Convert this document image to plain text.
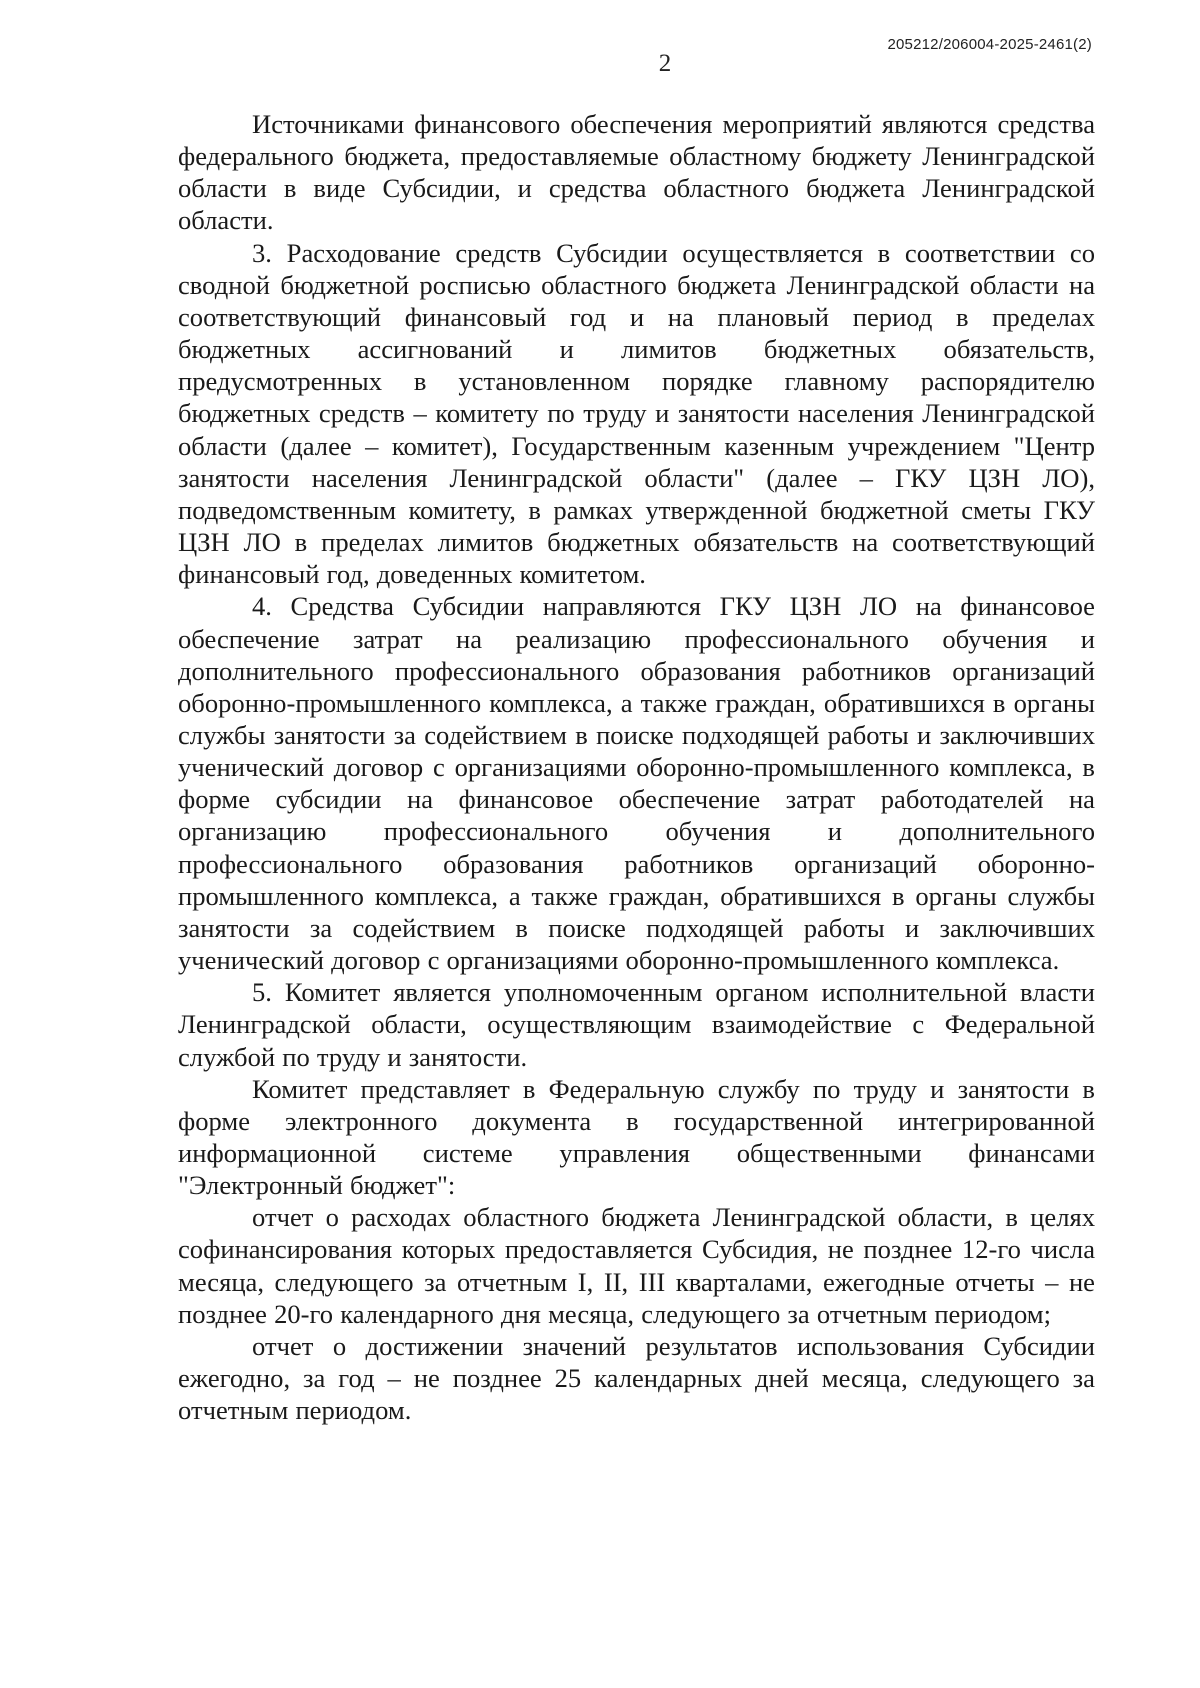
205212/206004-2025-2461(2)
2

Источниками финансового обеспечения мероприятий являются средства федерального бюджета, предоставляемые областному бюджету Ленинградской области в виде Субсидии, и средства областного бюджета Ленинградской области.

3. Расходование средств Субсидии осуществляется в соответствии со сводной бюджетной росписью областного бюджета Ленинградской области на соответствующий финансовый год и на плановый период в пределах бюджетных ассигнований и лимитов бюджетных обязательств, предусмотренных в установленном порядке главному распорядителю бюджетных средств – комитету по труду и занятости населения Ленинградской области (далее – комитет), Государственным казенным учреждением "Центр занятости населения Ленинградской области" (далее – ГКУ ЦЗН ЛО), подведомственным комитету, в рамках утвержденной бюджетной сметы ГКУ ЦЗН ЛО в пределах лимитов бюджетных обязательств на соответствующий финансовый год, доведенных комитетом.

4. Средства Субсидии направляются ГКУ ЦЗН ЛО на финансовое обеспечение затрат на реализацию профессионального обучения и дополнительного профессионального образования работников организаций оборонно-промышленного комплекса, а также граждан, обратившихся в органы службы занятости за содействием в поиске подходящей работы и заключивших ученический договор с организациями оборонно-промышленного комплекса, в форме субсидии на финансовое обеспечение затрат работодателей на организацию профессионального обучения и дополнительного профессионального образования работников организаций оборонно-промышленного комплекса, а также граждан, обратившихся в органы службы занятости за содействием в поиске подходящей работы и заключивших ученический договор с организациями оборонно-промышленного комплекса.

5. Комитет является уполномоченным органом исполнительной власти Ленинградской области, осуществляющим взаимодействие с Федеральной службой по труду и занятости.

Комитет представляет в Федеральную службу по труду и занятости в форме электронного документа в государственной интегрированной информационной системе управления общественными финансами "Электронный бюджет":

отчет о расходах областного бюджета Ленинградской области, в целях софинансирования которых предоставляется Субсидия, не позднее 12-го числа месяца, следующего за отчетным I, II, III кварталами, ежегодные отчеты – не позднее 20-го календарного дня месяца, следующего за отчетным периодом;

отчет о достижении значений результатов использования Субсидии ежегодно, за год – не позднее 25 календарных дней месяца, следующего за отчетным периодом.
